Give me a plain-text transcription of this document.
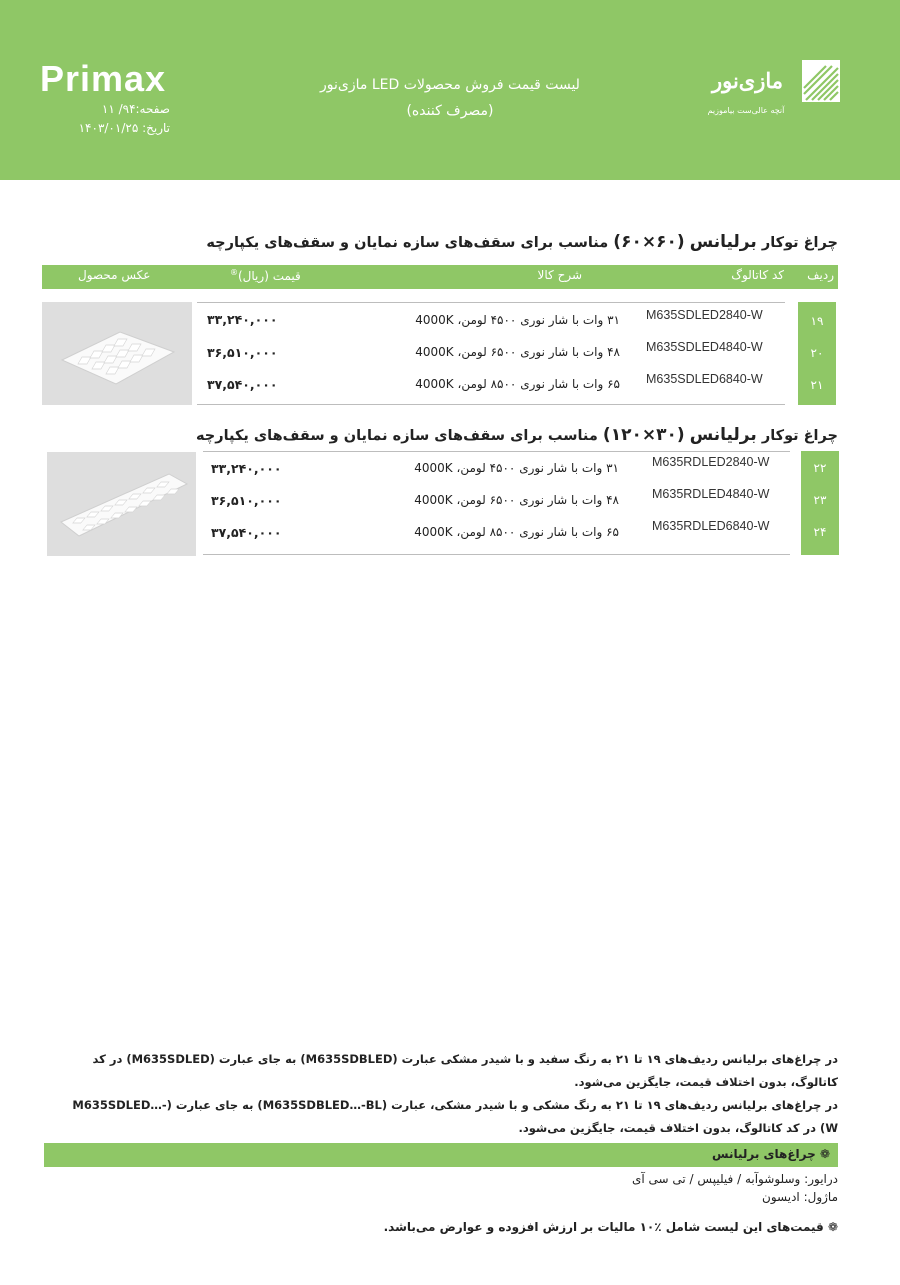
Primax
صفحه:۹۴/ ۱۱
تاریخ: ۱۴۰۳/۰۱/۲۵
لیست قیمت فروش محصولات LED مازی‌نور
(مصرف کننده)
مازی‌نور
آنچه عالی‌ست بیاموزیم
چراغ توکار برلیانس (۶۰×۶۰) مناسب برای سقف‌های سازه نمایان و سقف‌های یکپارچه
ردیف
کد کاتالوگ
شرح کالا
قیمت (ریال)®
عکس محصول
۱۹
۲۰
۲۱
M635SDLED2840-W
۳۱ وات با شار نوری ۴۵۰۰ لومن، 4000K
۳۳,۲۴۰,۰۰۰
M635SDLED4840-W
۴۸ وات با شار نوری ۶۵۰۰ لومن، 4000K
۳۶,۵۱۰,۰۰۰
M635SDLED6840-W
۶۵ وات با شار نوری ۸۵۰۰ لومن، 4000K
۳۷,۵۴۰,۰۰۰
چراغ توکار برلیانس (۳۰×۱۲۰) مناسب برای سقف‌های سازه نمایان و سقف‌های یکپارچه
۲۲
۲۳
۲۴
M635RDLED2840-W
۳۱ وات با شار نوری ۴۵۰۰ لومن، 4000K
۳۳,۲۴۰,۰۰۰
M635RDLED4840-W
۴۸ وات با شار نوری ۶۵۰۰ لومن، 4000K
۳۶,۵۱۰,۰۰۰
M635RDLED6840-W
۶۵ وات با شار نوری ۸۵۰۰ لومن، 4000K
۳۷,۵۴۰,۰۰۰

در چراغ‌های برلیانس ردیف‌های ۱۹ تا ۲۱ به رنگ سفید و با شیدر مشکی عبارت (M635SDBLED) به جای عبارت (M635SDLED) در کد کاتالوگ، بدون اختلاف قیمت، جایگزین می‌شود.

در چراغ‌های برلیانس ردیف‌های ۱۹ تا ۲۱ به رنگ مشکی و با شیدر مشکی، عبارت (M635SDBLED…-BL) به جای عبارت (M635SDLED…-W) در کد کاتالوگ، بدون اختلاف قیمت، جایگزین می‌شود.

❁ چراغ‌های برلیانس
درایور: وسلوشوآبه / فیلیپس / تی سی آی
ماژول: ادیسون
❁ قیمت‌های این لیست شامل ٪۱۰ مالیات بر ارزش افزوده و عوارض می‌باشد.
